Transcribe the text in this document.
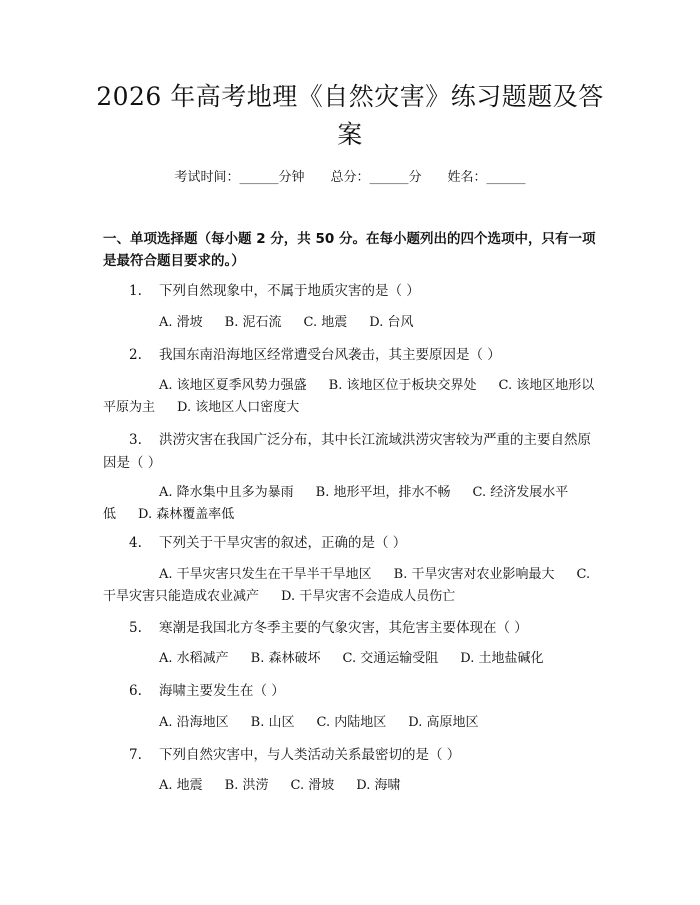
2026 年高考地理《自然灾害》练习题题及答
案
考试时间：______分钟 总分：______分 姓名：______
一、单项选择题（每小题 2 分，共 50 分。在每小题列出的四个选项中，只有一项是最符合题目要求的。）
1. 下列自然现象中，不属于地质灾害的是（ ）
A. 滑坡 B. 泥石流 C. 地震 D. 台风
2. 我国东南沿海地区经常遭受台风袭击，其主要原因是（ ）
A. 该地区夏季风势力强盛 B. 该地区位于板块交界处 C. 该地区地形以平原为主 D. 该地区人口密度大
3. 洪涝灾害在我国广泛分布，其中长江流域洪涝灾害较为严重的主要自然原因是（ ）
A. 降水集中且多为暴雨 B. 地形平坦，排水不畅 C. 经济发展水平低 D. 森林覆盖率低
4. 下列关于干旱灾害的叙述，正确的是（ ）
A. 干旱灾害只发生在干旱半干旱地区 B. 干旱灾害对农业影响最大 C. 干旱灾害只能造成农业减产 D. 干旱灾害不会造成人员伤亡
5. 寒潮是我国北方冬季主要的气象灾害，其危害主要体现在（ ）
A. 水稻减产 B. 森林破坏 C. 交通运输受阻 D. 土地盐碱化
6. 海啸主要发生在（ ）
A. 沿海地区 B. 山区 C. 内陆地区 D. 高原地区
7. 下列自然灾害中，与人类活动关系最密切的是（ ）
A. 地震 B. 洪涝 C. 滑坡 D. 海啸
